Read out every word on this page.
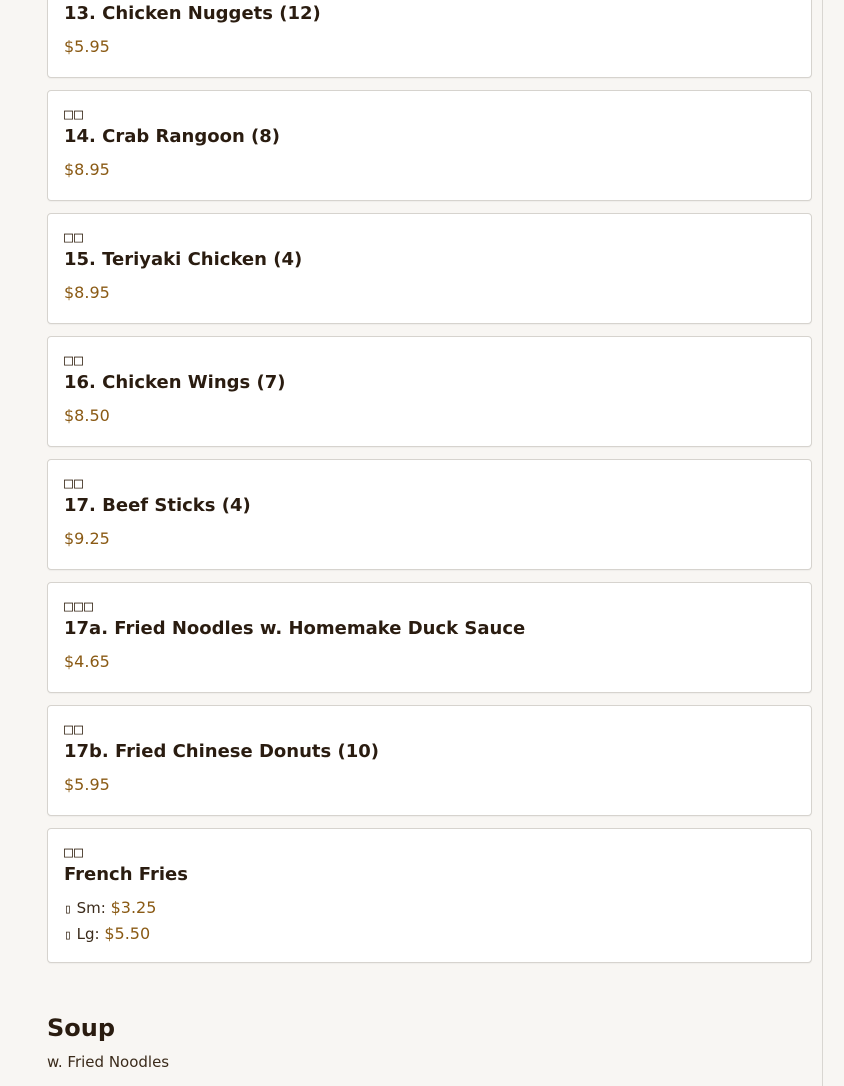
13. Chicken Nuggets (12)
$5.95
□□
14. Crab Rangoon (8)
$8.95
□□
15. Teriyaki Chicken (4)
$8.95
□□
16. Chicken Wings (7)
$8.50
□□
17. Beef Sticks (4)
$9.25
□□□
17a. Fried Noodles w. Homemake Duck Sauce
$4.65
□□
17b. Fried Chinese Donuts (10)
$5.95
□□
French Fries
▯ Sm: $3.25
▯ Lg: $5.50
Soup
w. Fried Noodles
